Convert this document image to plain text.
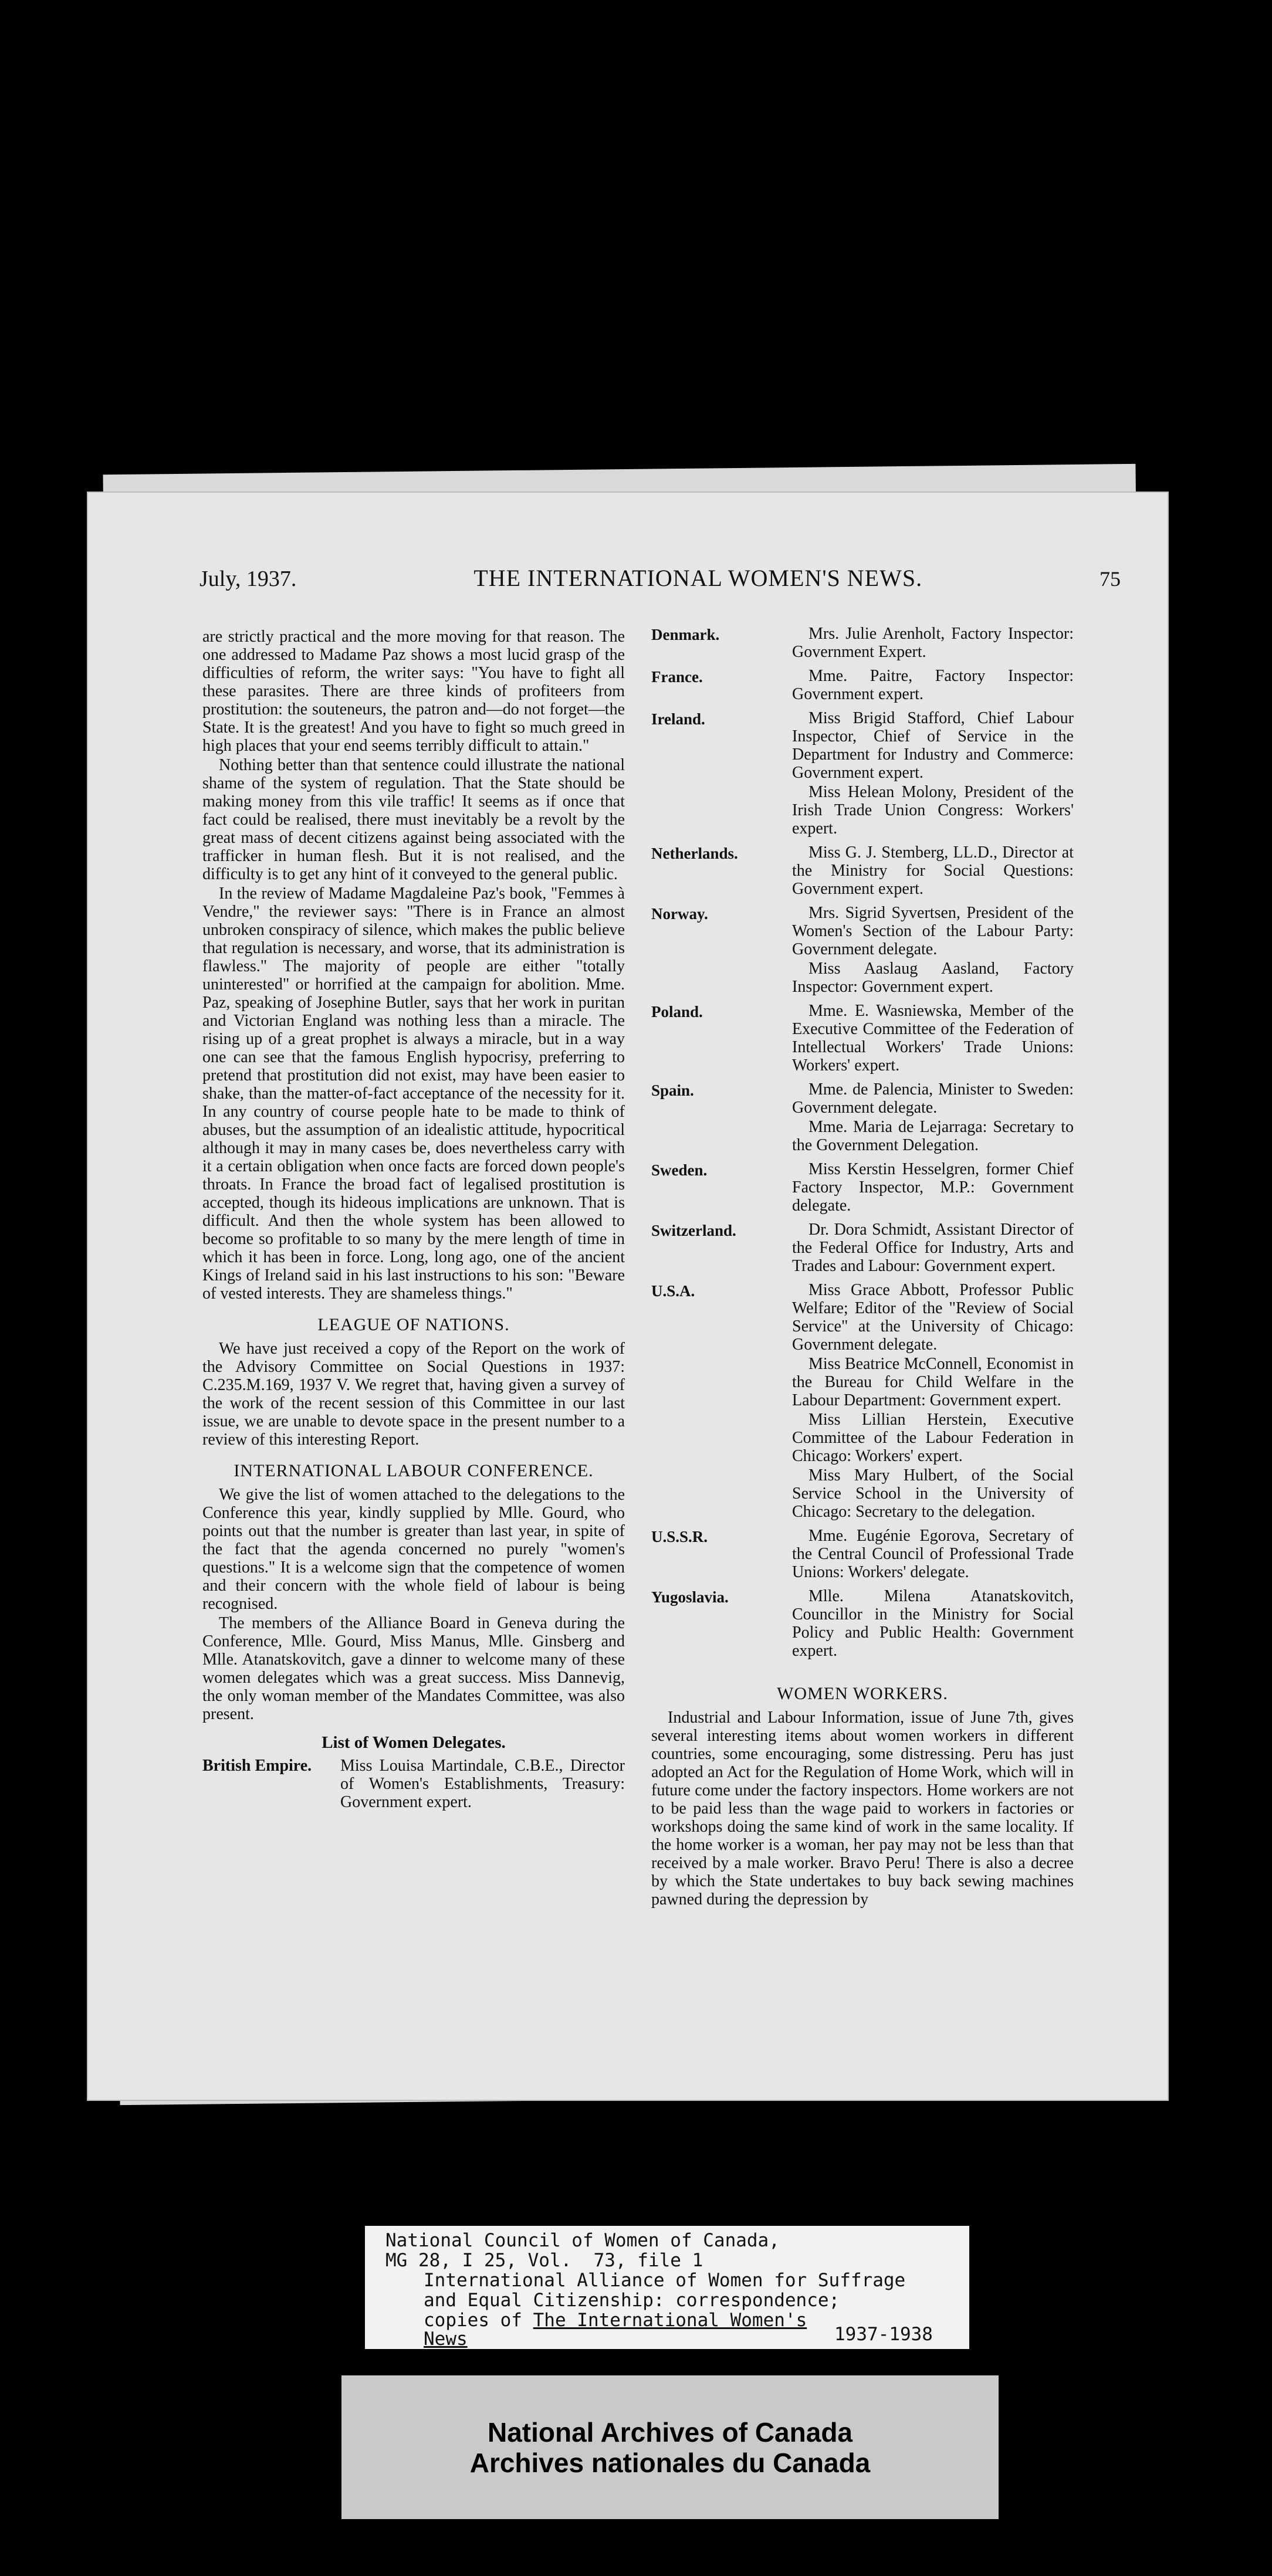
July, 1937.	THE INTERNATIONAL WOMEN'S NEWS.	75

are strictly practical and the more moving for that reason. The one addressed to Madame Paz shows a most lucid grasp of the difficulties of reform, the writer says: "You have to fight all these parasites. There are three kinds of profiteers from prostitution: the souteneurs, the patron and—do not forget—the State. It is the greatest! And you have to fight so much greed in high places that your end seems terribly difficult to attain."

Nothing better than that sentence could illustrate the national shame of the system of regulation. That the State should be making money from this vile traffic! It seems as if once that fact could be realised, there must inevitably be a revolt by the great mass of decent citizens against being associated with the trafficker in human flesh. But it is not realised, and the difficulty is to get any hint of it conveyed to the general public.

In the review of Madame Magdaleine Paz's book, "Femmes à Vendre," the reviewer says: "There is in France an almost unbroken conspiracy of silence, which makes the public believe that regulation is necessary, and worse, that its administration is flawless." The majority of people are either "totally uninterested" or horrified at the campaign for abolition. Mme. Paz, speaking of Josephine Butler, says that her work in puritan and Victorian England was nothing less than a miracle. The rising up of a great prophet is always a miracle, but in a way one can see that the famous English hypocrisy, preferring to pretend that prostitution did not exist, may have been easier to shake, than the matter-of-fact acceptance of the necessity for it. In any country of course people hate to be made to think of abuses, but the assumption of an idealistic attitude, hypocritical although it may in many cases be, does nevertheless carry with it a certain obligation when once facts are forced down people's throats. In France the broad fact of legalised prostitution is accepted, though its hideous implications are unknown. That is difficult. And then the whole system has been allowed to become so profitable to so many by the mere length of time in which it has been in force. Long, long ago, one of the ancient Kings of Ireland said in his last instructions to his son: "Beware of vested interests. They are shameless things."

LEAGUE OF NATIONS.

We have just received a copy of the Report on the work of the Advisory Committee on Social Questions in 1937: C.235.M.169, 1937 V. We regret that, having given a survey of the work of the recent session of this Committee in our last issue, we are unable to devote space in the present number to a review of this interesting Report.

INTERNATIONAL LABOUR CONFERENCE.

We give the list of women attached to the delegations to the Conference this year, kindly supplied by Mlle. Gourd, who points out that the number is greater than last year, in spite of the fact that the agenda concerned no purely "women's questions." It is a welcome sign that the competence of women and their concern with the whole field of labour is being recognised.

The members of the Alliance Board in Geneva during the Conference, Mlle. Gourd, Miss Manus, Mlle. Ginsberg and Mlle. Atanatskovitch, gave a dinner to welcome many of these women delegates which was a great success. Miss Dannevig, the only woman member of the Mandates Committee, was also present.

List of Women Delegates.
British Empire.	Miss Louisa Martindale, C.B.E., Director of Women's Establishments, Treasury: Government expert.
Denmark.	Mrs. Julie Arenholt, Factory Inspector: Government Expert.

France.	Mme. Paitre, Factory Inspector: Government expert.

Ireland.	Miss Brigid Stafford, Chief Labour Inspector, Chief of Service in the Department for Industry and Commerce: Government expert.

Miss Helean Molony, President of the Irish Trade Union Congress: Workers' expert.

Netherlands.	Miss G. J. Stemberg, LL.D., Director at the Ministry for Social Questions: Government expert.

Norway.	Mrs. Sigrid Syvertsen, President of the Women's Section of the Labour Party: Government delegate.

Miss Aaslaug Aasland, Factory Inspector: Government expert.

Poland.	Mme. E. Wasniewska, Member of the Executive Committee of the Federation of Intellectual Workers' Trade Unions: Workers' expert.

Spain.	Mme. de Palencia, Minister to Sweden: Government delegate.

Mme. Maria de Lejarraga: Secretary to the Government Delegation.

Sweden.	Miss Kerstin Hesselgren, former Chief Factory Inspector, M.P.: Government delegate.

Switzerland.	Dr. Dora Schmidt, Assistant Director of the Federal Office for Industry, Arts and Trades and Labour: Government expert.

U.S.A.	Miss Grace Abbott, Professor Public Welfare; Editor of the "Review of Social Service" at the University of Chicago: Government delegate.

Miss Beatrice McConnell, Economist in the Bureau for Child Welfare in the Labour Department: Government expert.

Miss Lillian Herstein, Executive Committee of the Labour Federation in Chicago: Workers' expert.

Miss Mary Hulbert, of the Social Service School in the University of Chicago: Secretary to the delegation.

U.S.S.R.	Mme. Eugénie Egorova, Secretary of the Central Council of Professional Trade Unions: Workers' delegate.

Yugoslavia.	Mlle. Milena Atanatskovitch, Councillor in the Ministry for Social Policy and Public Health: Government expert.

WOMEN WORKERS.

Industrial and Labour Information, issue of June 7th, gives several interesting items about women workers in different countries, some encouraging, some distressing. Peru has just adopted an Act for the Regulation of Home Work, which will in future come under the factory inspectors. Home workers are not to be paid less than the wage paid to workers in factories or workshops doing the same kind of work in the same locality. If the home worker is a woman, her pay may not be less than that received by a male worker. Bravo Peru! There is also a decree by which the State undertakes to buy back sewing machines pawned during the depression by

National Council of Women of Canada,
MG 28, I 25, Vol.  73, file 1
International Alliance of Women for Suffrage
and Equal Citizenship: correspondence;
copies of The International Women's
News	1937-1938
National Archives of Canada
Archives nationales du Canada
